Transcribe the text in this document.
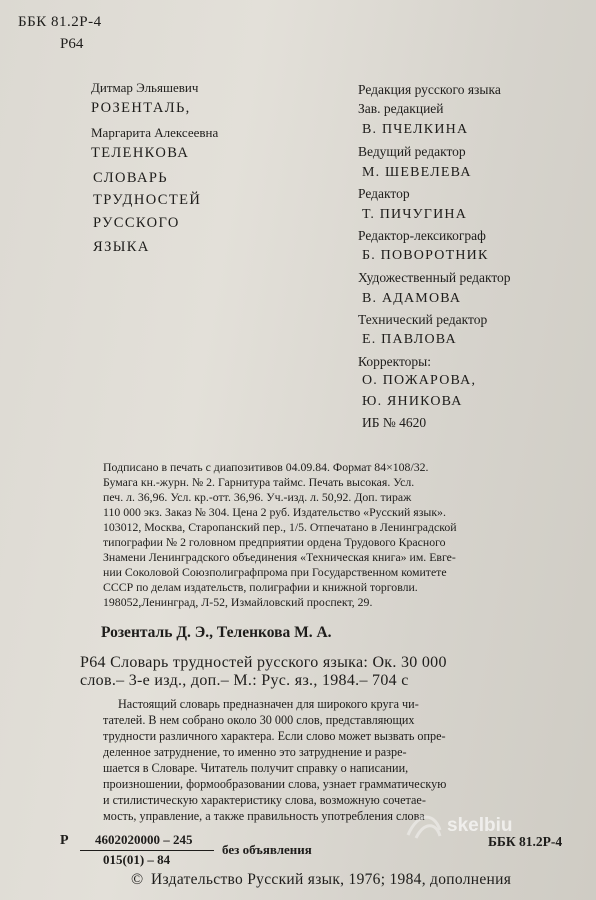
ББК 81.2Р-4
Р64
Дитмар Эльяшевич
РОЗЕНТАЛЬ,
Маргарита Алексеевна
ТЕЛЕНКОВА
СЛОВАРЬ
ТРУДНОСТЕЙ
РУССКОГО
ЯЗЫКА
Редакция русского языка
Зав. редакцией
В. ПЧЕЛКИНА
Ведущий редактор
М. ШЕВЕЛЕВА
Редактор
Т. ПИЧУГИНА
Редактор-лексикограф
Б. ПОВОРОТНИК
Художественный редактор
В. АДАМОВА
Технический редактор
Е. ПАВЛОВА
Корректоры:
О. ПОЖАРОВА,
Ю. ЯНИКОВА
ИБ № 4620
Подписано в печать с диапозитивов 04.09.84. Формат 84×108/32.
Бумага кн.-журн. № 2. Гарнитура таймс. Печать высокая. Усл.
печ. л. 36,96. Усл. кр.-отт. 36,96. Уч.-изд. л. 50,92. Доп. тираж
110 000 экз. Заказ № 304. Цена 2 руб. Издательство «Русский язык».
103012, Москва, Старопанский пер., 1/5. Отпечатано в Ленинградской
типографии № 2 головном предприятии ордена Трудового Красного
Знамени Ленинградского объединения «Техническая книга» им. Евге-
нии Соколовой Союзполиграфпрома при Государственном комитете
СССР по делам издательств, полиграфии и книжной торговли.
198052,Ленинград, Л-52, Измайловский проспект, 29.
Розенталь Д. Э., Теленкова М. А.
Р64 Словарь трудностей русского языка: Ок. 30 000
слов.– 3-е изд., доп.– М.: Рус. яз., 1984.– 704 с
Настоящий словарь предназначен для широкого круга чи-
тателей. В нем собрано около 30 000 слов, представляющих
трудности различного характера. Если слово может вызвать опре-
деленное затруднение, то именно это затруднение и разре-
шается в Словаре. Читатель получит справку о написании,
произношении, формообразовании слова, узнает грамматическую
и стилистическую характеристику слова, возможную сочетае-
мость, управление, а также правильность употребления слова
Р 4602020000 – 245
015(01) – 84
без объявления
ББК 81.2Р-4
© Издательство Русский язык, 1976; 1984, дополнения
skelbiu
